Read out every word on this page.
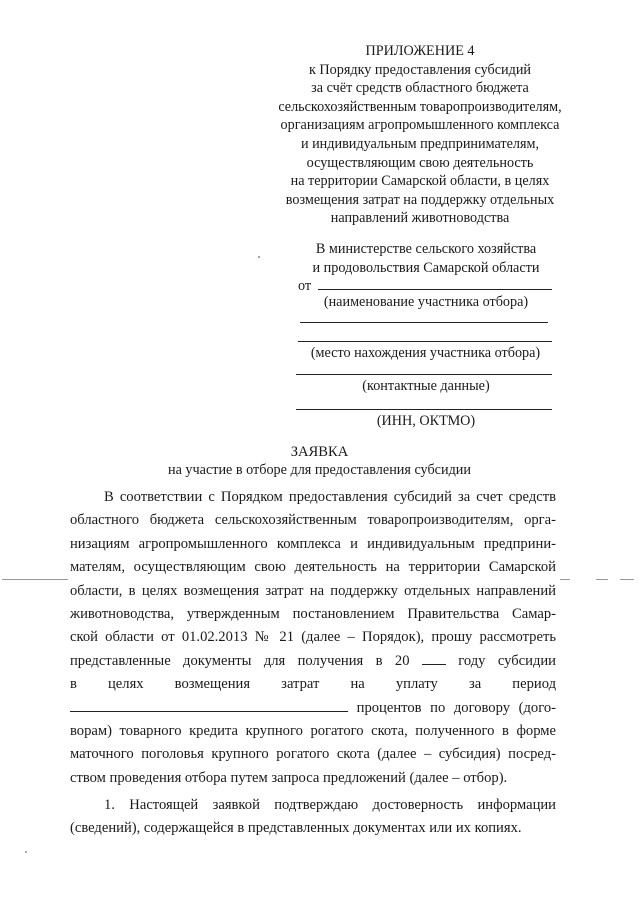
ПРИЛОЖЕНИЕ 4
к Порядку предоставления субсидий
за счёт средств областного бюджета
сельскохозяйственным товаропроизводителям,
организациям агропромышленного комплекса
и индивидуальным предпринимателям,
осуществляющим свою деятельность
на территории Самарской области, в целях
возмещения затрат на поддержку отдельных
направлений животноводства
В министерстве сельского хозяйства
и продовольствия Самарской области
от
(наименование участника отбора)
(место нахождения участника отбора)
(контактные данные)
(ИНН, ОКТМО)
ЗАЯВКА
на участие в отборе для предоставления субсидии
В соответствии с Порядком предоставления субсидий за счет средств
областного бюджета сельскохозяйственным товаропроизводителям, орга-
низациям агропромышленного комплекса и индивидуальным предприни-
мателям, осуществляющим свою деятельность на территории Самарской
области, в целях возмещения затрат на поддержку отдельных направлений
животноводства, утвержденным постановлением Правительства Самар-
ской области от 01.02.2013 № 21 (далее – Порядок), прошу рассмотреть
представленные документы для получения в 20	году субсидии
в целях возмещения затрат на уплату за период
процентов по договору (дого-
ворам) товарного кредита крупного рогатого скота, полученного в форме
маточного поголовья крупного рогатого скота (далее – субсидия) посред-
ством проведения отбора путем запроса предложений (далее – отбор).
1. Настоящей заявкой подтверждаю достоверность информации
(сведений), содержащейся в представленных документах или их копиях.
